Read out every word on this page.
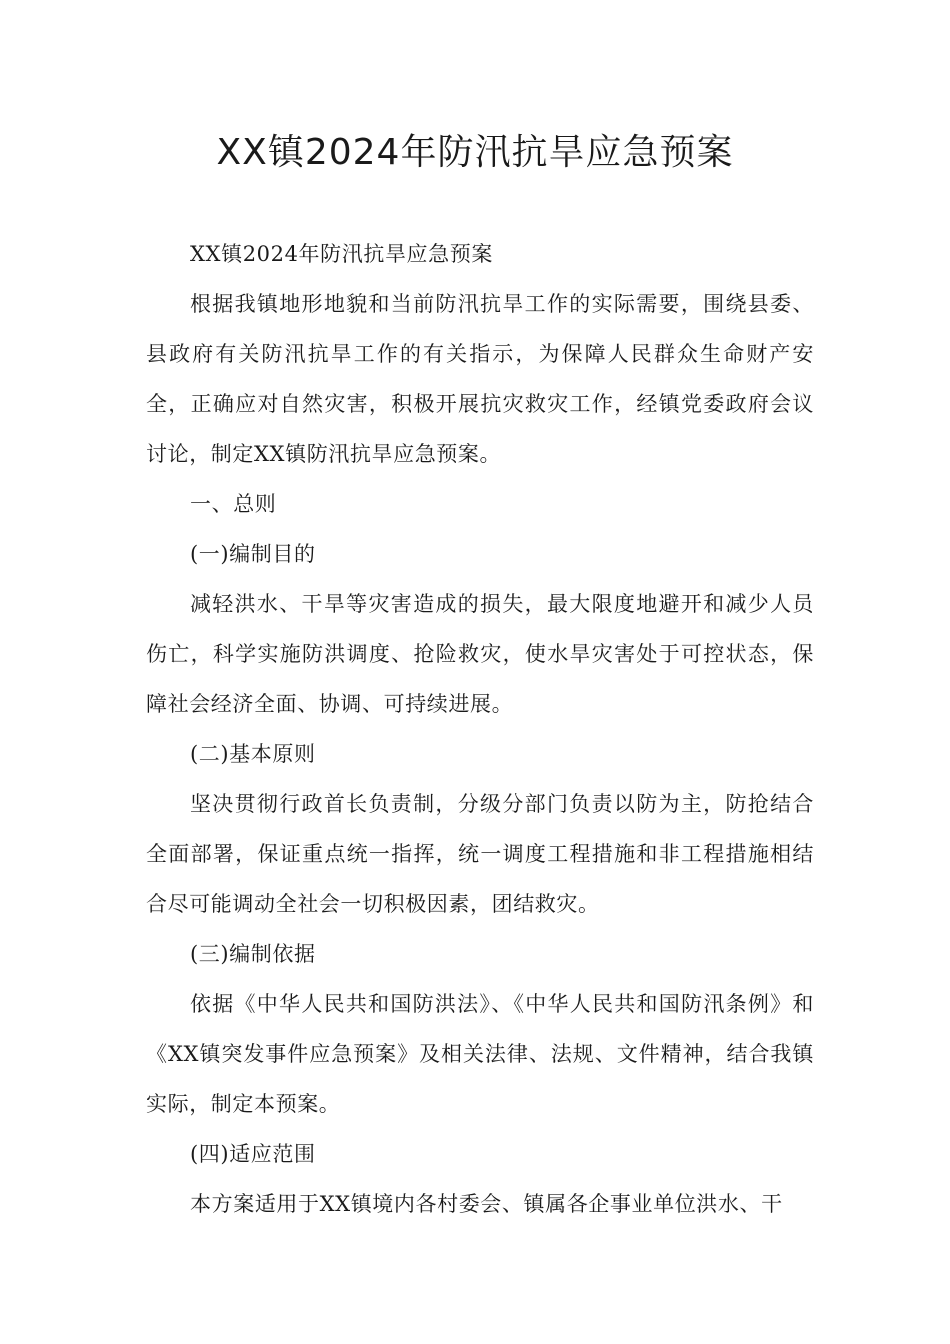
XX镇2024年防汛抗旱应急预案

XX镇2024年防汛抗旱应急预案

根据我镇地形地貌和当前防汛抗旱工作的实际需要，围绕县委、县政府有关防汛抗旱工作的有关指示，为保障人民群众生命财产安全，正确应对自然灾害，积极开展抗灾救灾工作，经镇党委政府会议讨论，制定XX镇防汛抗旱应急预案。

一、总则

(一)编制目的

减轻洪水、干旱等灾害造成的损失，最大限度地避开和减少人员伤亡，科学实施防洪调度、抢险救灾，使水旱灾害处于可控状态，保障社会经济全面、协调、可持续进展。

(二)基本原则

坚决贯彻行政首长负责制，分级分部门负责以防为主，防抢结合全面部署，保证重点统一指挥，统一调度工程措施和非工程措施相结合尽可能调动全社会一切积极因素，团结救灾。

(三)编制依据

依据《中华人民共和国防洪法》、《中华人民共和国防汛条例》和《XX镇突发事件应急预案》及相关法律、法规、文件精神，结合我镇实际，制定本预案。

(四)适应范围

本方案适用于XX镇境内各村委会、镇属各企事业单位洪水、干
